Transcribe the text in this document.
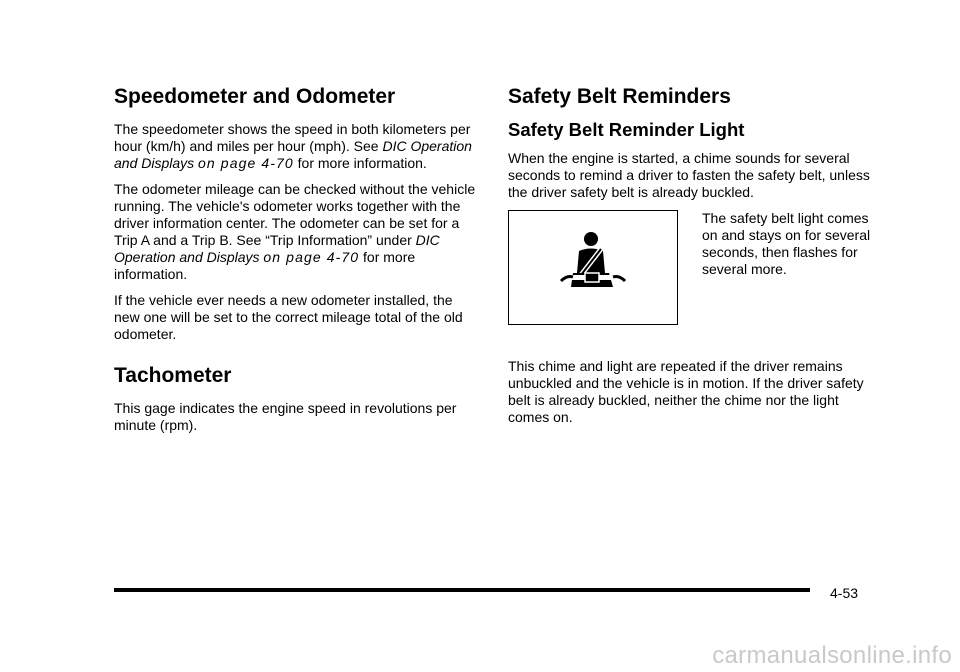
Speedometer and Odometer

The speedometer shows the speed in both kilometers per hour (km/h) and miles per hour (mph). See DIC Operation and Displays on page 4-70 for more information.

The odometer mileage can be checked without the vehicle running. The vehicle's odometer works together with the driver information center. The odometer can be set for a Trip A and a Trip B. See “Trip Information” under DIC Operation and Displays on page 4-70 for more information.

If the vehicle ever needs a new odometer installed, the new one will be set to the correct mileage total of the old odometer.

Tachometer

This gage indicates the engine speed in revolutions per minute (rpm).

Safety Belt Reminders
Safety Belt Reminder Light

When the engine is started, a chime sounds for several seconds to remind a driver to fasten the safety belt, unless the driver safety belt is already buckled.

The safety belt light comes on and stays on for several seconds, then flashes for several more.

This chime and light are repeated if the driver remains unbuckled and the vehicle is in motion. If the driver safety belt is already buckled, neither the chime nor the light comes on.

4-53
carmanualsonline.info
